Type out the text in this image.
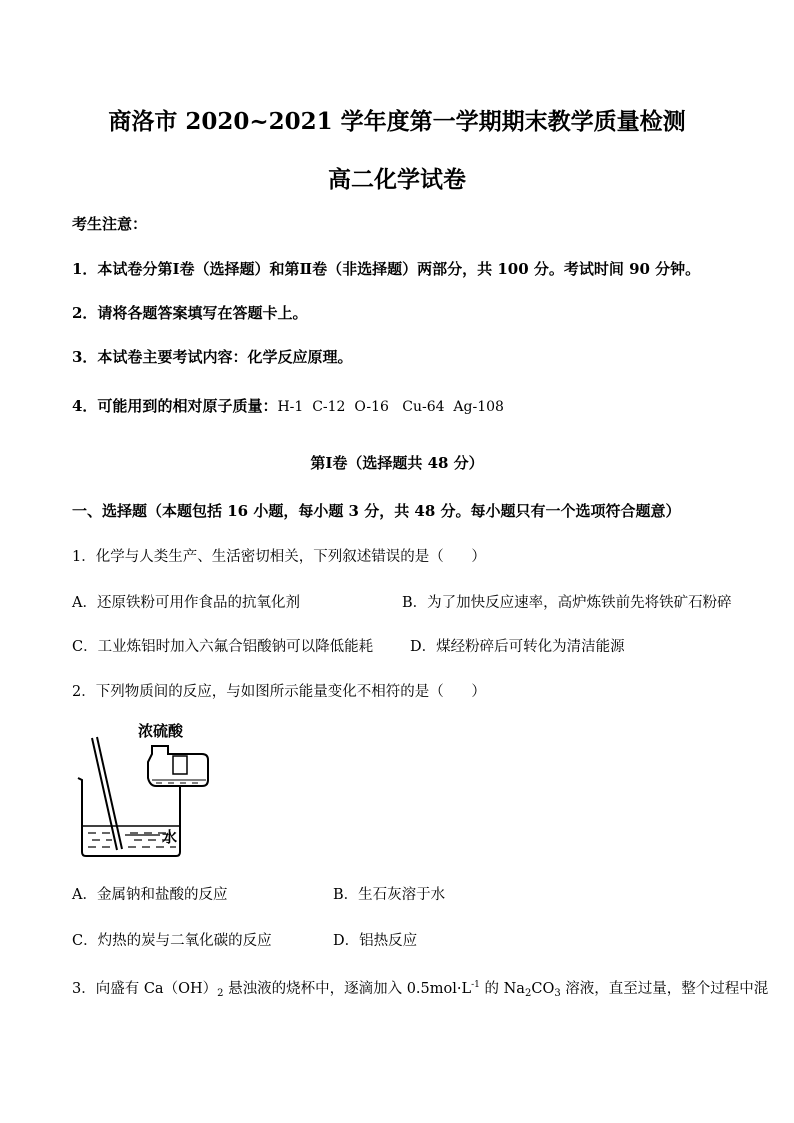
商洛市 2020~2021 学年度第一学期期末教学质量检测
高二化学试卷
考生注意：
1．本试卷分第Ⅰ卷（选择题）和第Ⅱ卷（非选择题）两部分，共 100 分。考试时间 90 分钟。
2．请将各题答案填写在答题卡上。
3．本试卷主要考试内容：化学反应原理。
4．可能用到的相对原子质量：H-1  C-12  O-16   Cu-64  Ag-108
第Ⅰ卷（选择题共 48 分）
一、选择题（本题包括 16 小题，每小题 3 分，共 48 分。每小题只有一个选项符合题意）
1．化学与人类生产、生活密切相关，下列叙述错误的是（      ）
A．还原铁粉可用作食品的抗氧化剂	B．为了加快反应速率，高炉炼铁前先将铁矿石粉碎
C．工业炼铝时加入六氟合铝酸钠可以降低能耗	D．煤经粉碎后可转化为清洁能源
2．下列物质间的反应，与如图所示能量变化不相符的是（      ）
浓硫酸
水
A．金属钠和盐酸的反应	B．生石灰溶于水
C．灼热的炭与二氧化碳的反应	D．铝热反应
3．向盛有 $Ca(OH)_2$ 悬浊液的烧杯中，逐滴加入 $0.5mol\cdot L^{-1}$ 的 $Na_2CO_3$ 溶液，直至过量，整个过程中混
